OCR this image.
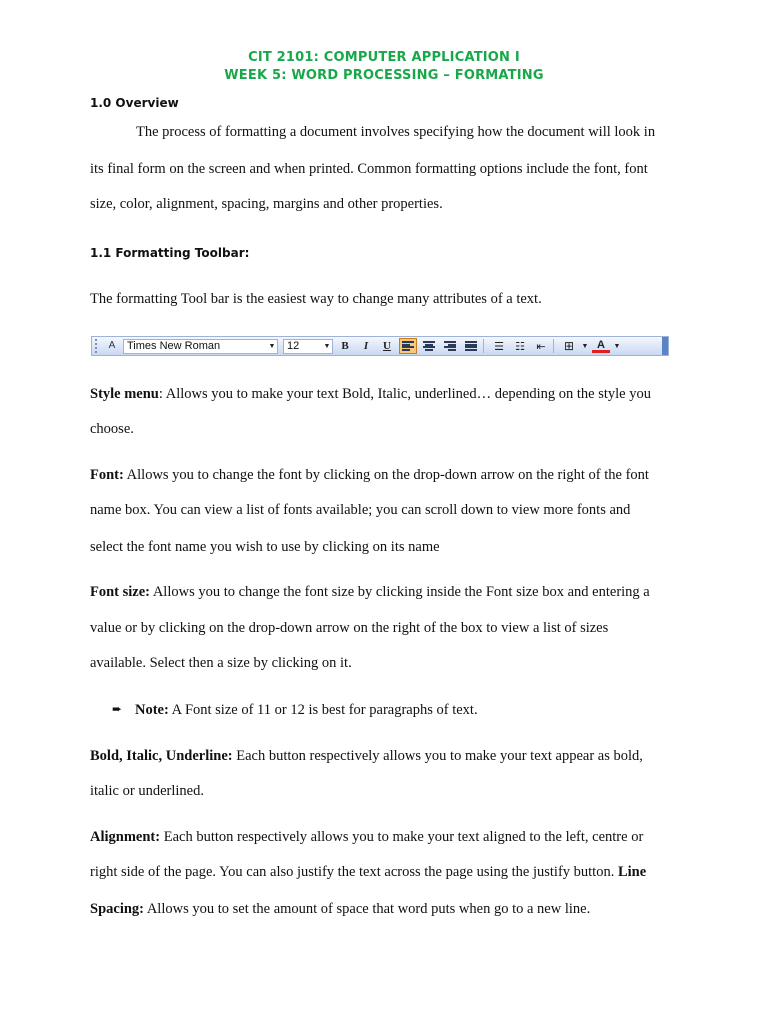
CIT 2101: COMPUTER APPLICATION I
WEEK 5: WORD PROCESSING – FORMATING
1.0 Overview
The process of formatting a document involves specifying how the document will look in
its final form on the screen and when printed. Common formatting options include the font, font
size, color, alignment, spacing, margins and other properties.
1.1 Formatting Toolbar:
The formatting Tool bar is the easiest way to change many attributes of a text.
A	Times New Roman	▼ 12	▼ B	I	U	☰	☷	⇤	⊞	▼ A	▼
Style menu: Allows you to make your text Bold, Italic, underlined… depending on the style you
choose.
Font: Allows you to change the font by clicking on the drop-down arrow on the right of the font
name box. You can view a list of fonts available; you can scroll down to view more fonts and
select the font name you wish to use by clicking on its name
Font size: Allows you to change the font size by clicking inside the Font size box and entering a
value or by clicking on the drop-down arrow on the right of the box to view a list of sizes
available. Select then a size by clicking on it.
➨ Note: A Font size of 11 or 12 is best for paragraphs of text.
Bold, Italic, Underline: Each button respectively allows you to make your text appear as bold,
italic or underlined.
Alignment: Each button respectively allows you to make your text aligned to the left, centre or
right side of the page. You can also justify the text across the page using the justify button. Line
Spacing: Allows you to set the amount of space that word puts when go to a new line.
